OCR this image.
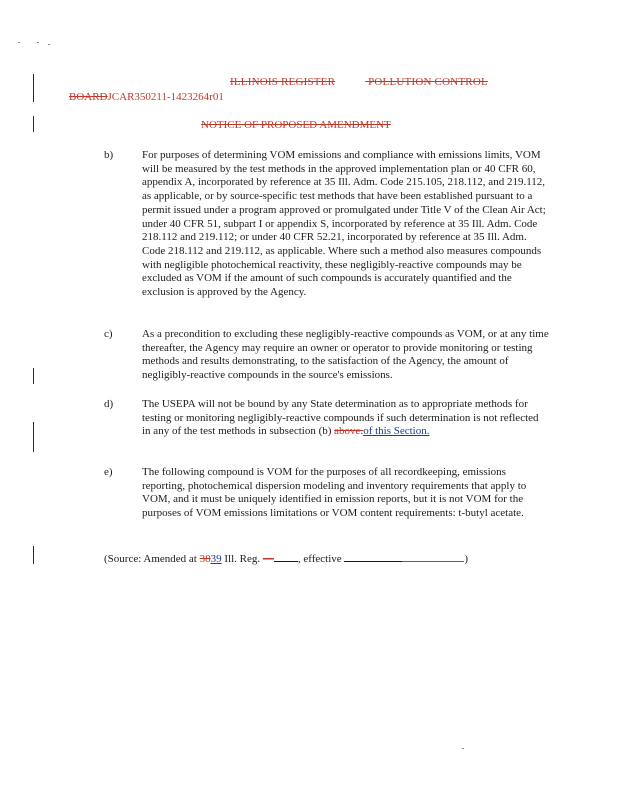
ILLINOIS REGISTER	POLLUTION CONTROL
BOARDJCAR350211-1423264r01
NOTICE OF PROPOSED AMENDMENT
b)	For purposes of determining VOM emissions and compliance with emissions limits, VOM will be measured by the test methods in the approved implementation plan or 40 CFR 60, appendix A, incorporated by reference at 35 Ill. Adm. Code 215.105, 218.112, and 219.112, as applicable, or by source-specific test methods that have been established pursuant to a permit issued under a program approved or promulgated under Title V of the Clean Air Act; under 40 CFR 51, subpart I or appendix S, incorporated by reference at 35 Ill. Adm. Code 218.112 and 219.112; or under 40 CFR 52.21, incorporated by reference at 35 Ill. Adm. Code 218.112 and 219.112, as applicable. Where such a method also measures compounds with negligible photochemical reactivity, these negligibly-reactive compounds may be excluded as VOM if the amount of such compounds is accurately quantified and the exclusion is approved by the Agency.
c)	As a precondition to excluding these negligibly-reactive compounds as VOM, or at any time thereafter, the Agency may require an owner or operator to provide monitoring or testing methods and results demonstrating, to the satisfaction of the Agency, the amount of negligibly-reactive compounds in the source's emissions.
d)	The USEPA will not be bound by any State determination as to appropriate methods for testing or monitoring negligibly-reactive compounds if such determination is not reflected in any of the test methods in subsection (b) above.of this Section.
e)	The following compound is VOM for the purposes of all recordkeeping, emissions reporting, photochemical dispersion modeling and inventory requirements that apply to VOM, and it must be uniquely identified in emission reports, but it is not VOM for the purposes of VOM emissions limitations or VOM content requirements: t-butyl acetate.
(Source: Amended at 3839 Ill. Reg. — , effective	)
